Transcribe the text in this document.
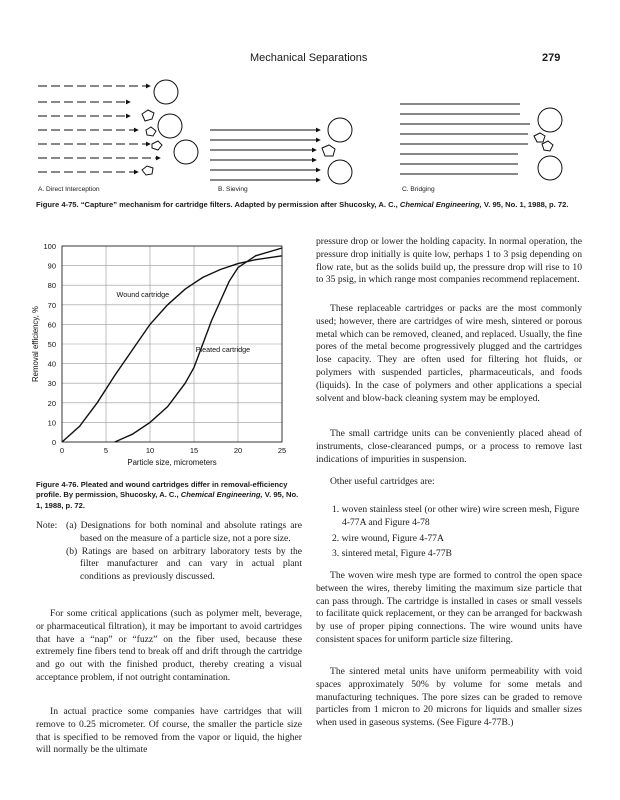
Mechanical Separations	279
A. Direct Interception	B. Sieving	C. Bridging
Figure 4-75. “Capture” mechanism for cartridge filters. Adapted by permission after Shucosky, A. C., Chemical Engineering, V. 95, No. 1, 1988, p. 72.
0
10
20
30
40
50
60
70
80
90
100
0	5	10	15	20	25
Particle size, micrometers
Removal efficiency, %
Wound cartridge
Pleated cartridge
Figure 4-76. Pleated and wound cartridges differ in removal-efficiency profile. By permission, Shucosky, A. C., Chemical Engineering, V. 95, No. 1, 1988, p. 72.
Note: (a) Designations for both nominal and absolute ratings are based on the measure of a particle size, not a pore size.

(b) Ratings are based on arbitrary laboratory tests by the filter manufacturer and can vary in actual plant conditions as previously discussed.

For some critical applications (such as polymer melt, beverage, or pharmaceutical filtration), it may be important to avoid cartridges that have a “nap” or “fuzz” on the fiber used, because these extremely fine fibers tend to break off and drift through the cartridge and go out with the finished product, thereby creating a visual acceptance problem, if not outright contamination.

In actual practice some companies have cartridges that will remove to 0.25 micrometer. Of course, the smaller the particle size that is specified to be removed from the vapor or liquid, the higher will normally be the ultimate

pressure drop or lower the holding capacity. In normal operation, the pressure drop initially is quite low, perhaps 1 to 3 psig depending on flow rate, but as the solids build up, the pressure drop will rise to 10 to 35 psig, in which range most companies recommend replacement.

These replaceable cartridges or packs are the most commonly used; however, there are cartridges of wire mesh, sintered or porous metal which can be removed, cleaned, and replaced. Usually, the fine pores of the metal become progressively plugged and the cartridges lose capacity. They are often used for filtering hot fluids, or polymers with suspended particles, pharmaceuticals, and foods (liquids). In the case of polymers and other applications a special solvent and blow-back cleaning system may be employed.

The small cartridge units can be conveniently placed ahead of instruments, close-clearanced pumps, or a process to remove last indications of impurities in suspension.

Other useful cartridges are:

1. woven stainless steel (or other wire) wire screen mesh, Figure 4-77A and Figure 4-78
2. wire wound, Figure 4-77A
3. sintered metal, Figure 4-77B

The woven wire mesh type are formed to control the open space between the wires, thereby limiting the maximum size particle that can pass through. The cartridge is installed in cases or small vessels to facilitate quick replacement, or they can be arranged for backwash by use of proper piping connections. The wire wound units have consistent spaces for uniform particle size filtering.

The sintered metal units have uniform permeability with void spaces approximately 50% by volume for some metals and manufacturing techniques. The pore sizes can be graded to remove particles from 1 micron to 20 microns for liquids and smaller sizes when used in gaseous systems. (See Figure 4-77B.)
